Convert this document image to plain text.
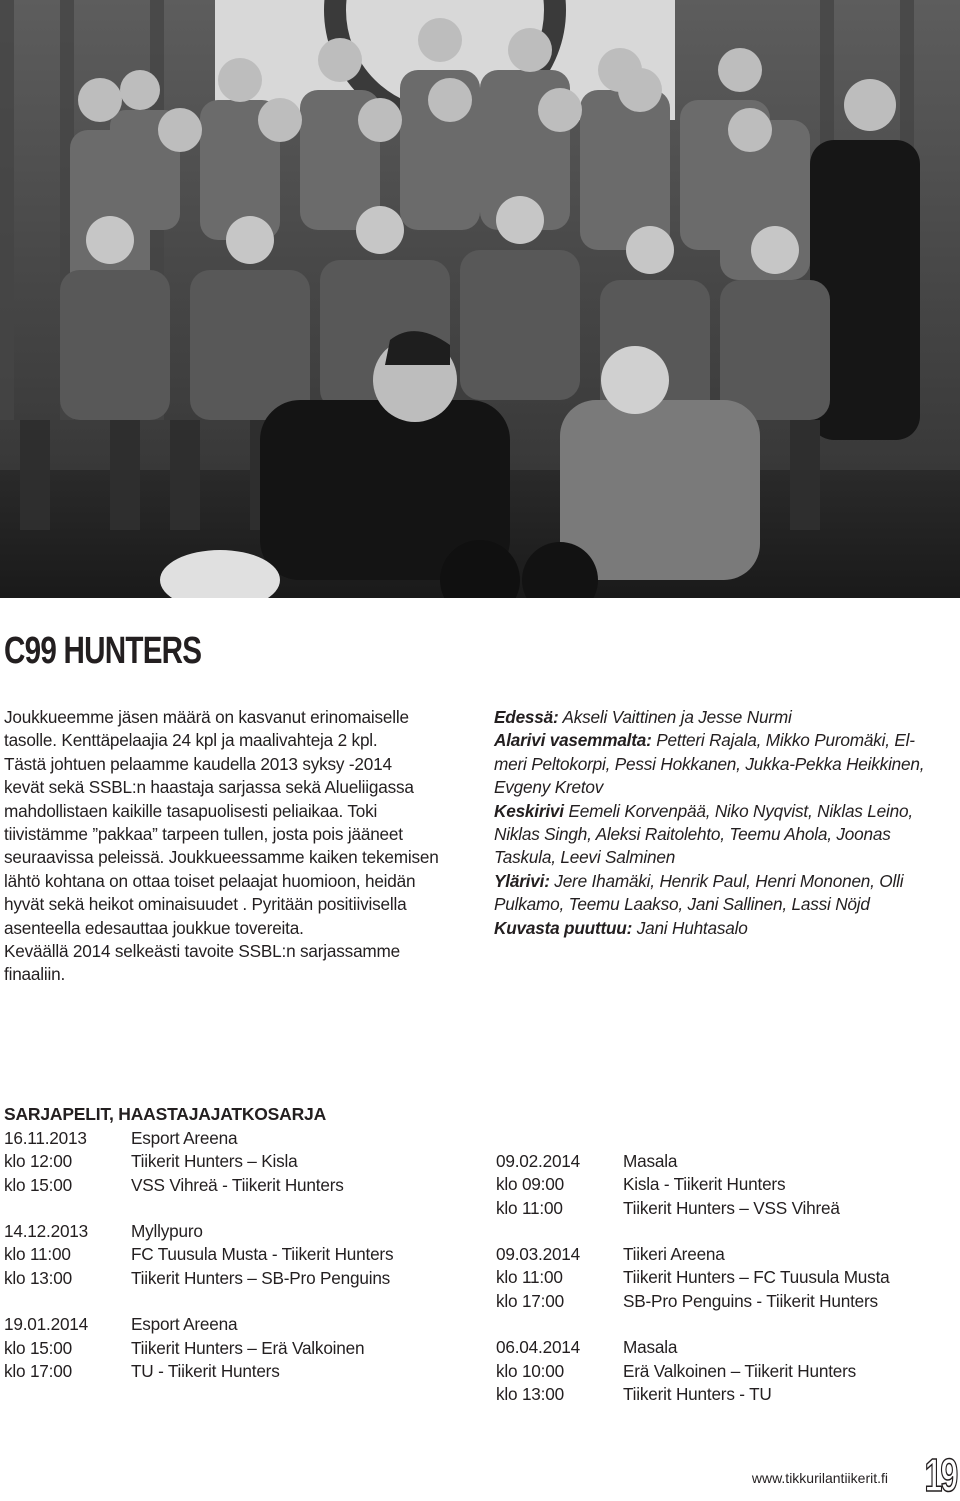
C99 HUNTERS

Joukkueemme jäsen määrä on kasvanut erinomaiselle

tasolle. Kenttäpelaajia 24 kpl ja maalivahteja 2 kpl.

Tästä johtuen pelaamme kaudella 2013 syksy -2014

kevät sekä SSBL:n haastaja sarjassa sekä Alueliigassa

mahdollistaen kaikille tasapuolisesti peliaikaa. Toki

tiivistämme ”pakkaa” tarpeen tullen, josta pois jääneet

seuraavissa peleissä. Joukkueessamme kaiken tekemisen

lähtö kohtana on ottaa toiset pelaajat huomioon, heidän

hyvät sekä heikot ominaisuudet . Pyritään positiivisella

asenteella edesauttaa joukkue tovereita.

Keväällä 2014 selkeästi tavoite SSBL:n sarjassamme

finaaliin.

Edessä: Akseli Vaittinen ja Jesse Nurmi

Alarivi vasemmalta: Petteri Rajala, Mikko Puromäki, El-

meri Peltokorpi, Pessi Hokkanen, Jukka-Pekka Heikkinen,

Evgeny Kretov

Keskirivi Eemeli Korvenpää, Niko Nyqvist, Niklas Leino,

Niklas Singh, Aleksi Raitolehto, Teemu Ahola, Joonas

Taskula, Leevi Salminen

Ylärivi: Jere Ihamäki, Henrik Paul, Henri Mononen, Olli

Pulkamo, Teemu Laakso, Jani Sallinen, Lassi Nöjd

Kuvasta puuttuu: Jani Huhtasalo

SARJAPELIT, HAASTAJAJATKOSARJA
16.11.2013	Esport Areena
klo 12:00	Tiikerit Hunters – Kisla
klo 15:00	VSS Vihreä - Tiikerit Hunters
14.12.2013	Myllypuro
klo 11:00	FC Tuusula Musta - Tiikerit Hunters
klo 13:00	Tiikerit Hunters – SB-Pro Penguins
19.01.2014	Esport Areena
klo 15:00	Tiikerit Hunters – Erä Valkoinen
klo 17:00	TU - Tiikerit Hunters
09.02.2014	Masala
klo 09:00	Kisla - Tiikerit Hunters
klo 11:00	Tiikerit Hunters – VSS Vihreä
09.03.2014	Tiikeri Areena
klo 11:00	Tiikerit Hunters – FC Tuusula Musta
klo 17:00	SB-Pro Penguins - Tiikerit Hunters
06.04.2014	Masala
klo 10:00	Erä Valkoinen – Tiikerit Hunters
klo 13:00	Tiikerit Hunters - TU
www.tikkurilantiikerit.fi 19
